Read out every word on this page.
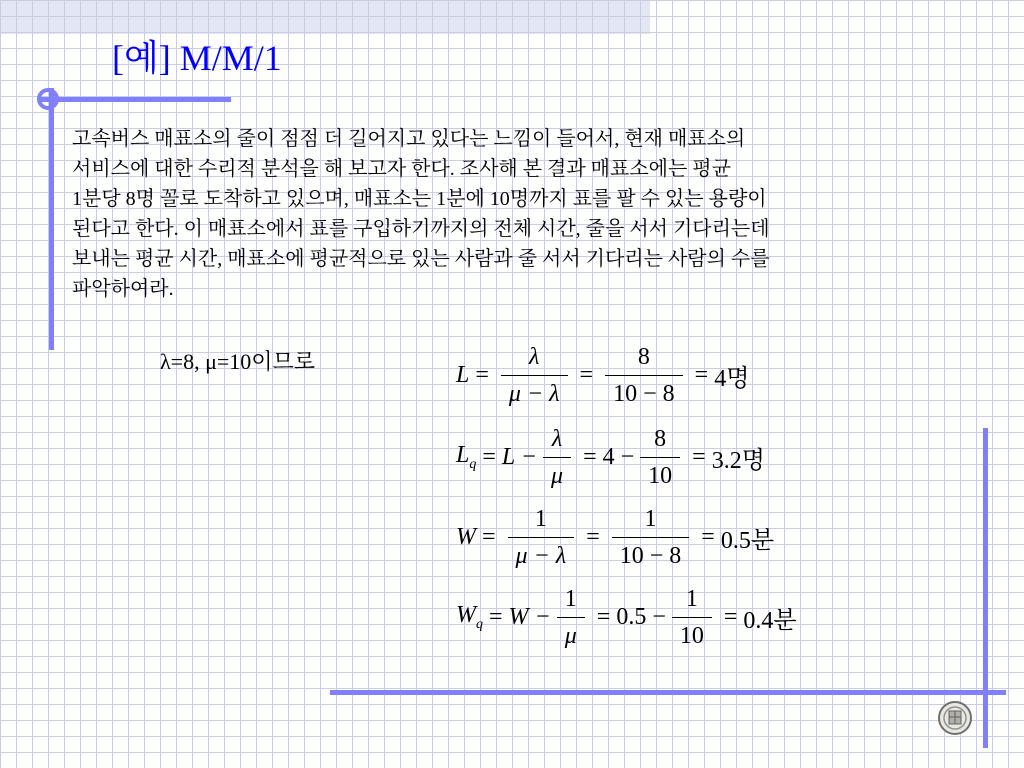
[예] M/M/1
고속버스 매표소의 줄이 점점 더 길어지고 있다는 느낌이 들어서, 현재 매표소의
서비스에 대한 수리적 분석을 해 보고자 한다. 조사해 본 결과 매표소에는 평균
1분당 8명 꼴로 도착하고 있으며, 매표소는 1분에 10명까지 표를 팔 수 있는 용량이
된다고 한다. 이 매표소에서 표를 구입하기까지의 전체 시간, 줄을 서서 기다리는데
보내는 평균 시간, 매표소에 평균적으로 있는 사람과 줄 서서 기다리는 사람의 수를
파악하여라.
λ=8, μ=10이므로
$L = \frac{\lambda}{\mu - \lambda} = \frac{8}{10 - 8} = 4$명
$L_q = L - \frac{\lambda}{\mu} = 4 - \frac{8}{10} = 3.2$명
$W = \frac{1}{\mu - \lambda} = \frac{1}{10 - 8} = 0.5$분
$W_q = W - \frac{1}{\mu} = 0.5 - \frac{1}{10} = 0.4$분
